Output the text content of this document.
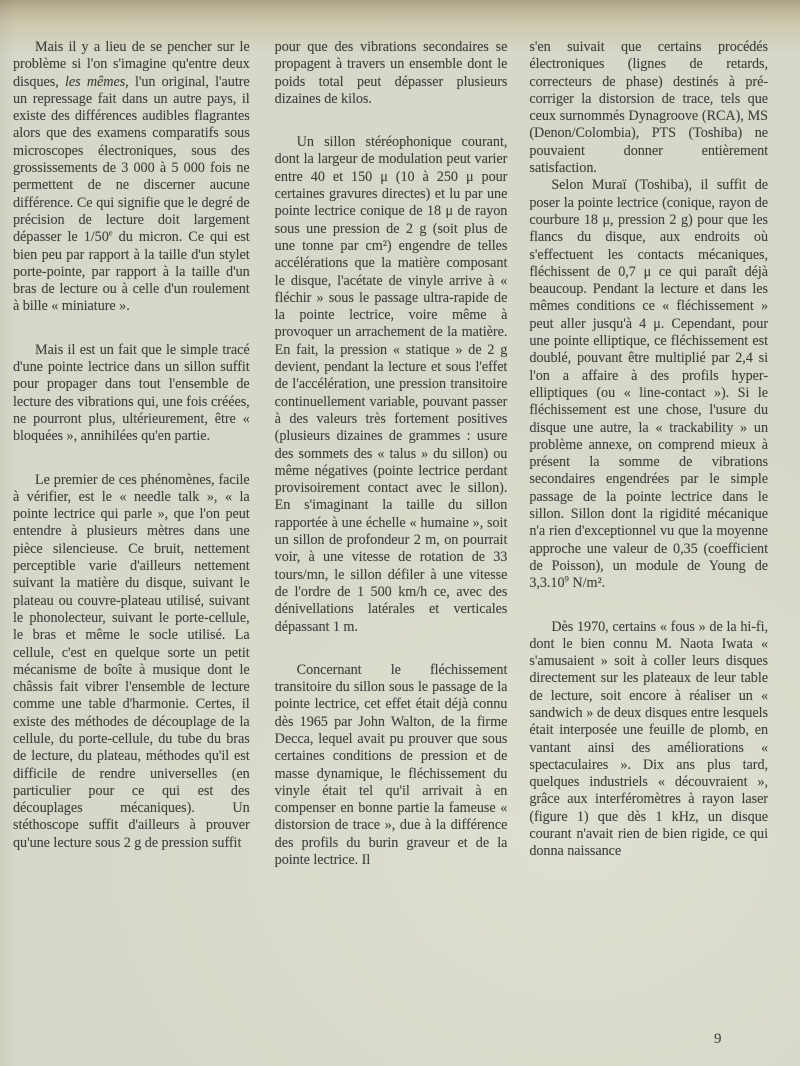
Mais il y a lieu de se pencher sur le problème si l'on s'imagine qu'entre deux disques, les mêmes, l'un original, l'autre un repressage fait dans un autre pays, il existe des différences audibles flagrantes alors que des examens comparatifs sous microscopes électroniques, sous des grossissements de 3 000 à 5 000 fois ne permettent de ne discerner aucune différence. Ce qui signifie que le degré de précision de lecture doit largement dépasser le 1/50e du micron. Ce qui est bien peu par rapport à la taille d'un stylet porte-pointe, par rapport à la taille d'un bras de lecture ou à celle d'un roulement à bille « miniature ».

Mais il est un fait que le simple tracé d'une pointe lectrice dans un sillon suffit pour propager dans tout l'ensemble de lecture des vibrations qui, une fois créées, ne pourront plus, ultérieurement, être « bloquées », annihilées qu'en partie.

Le premier de ces phénomènes, facile à vérifier, est le « needle talk », « la pointe lectrice qui parle », que l'on peut entendre à plusieurs mètres dans une pièce silencieuse. Ce bruit, nettement perceptible varie d'ailleurs nettement suivant la matière du disque, suivant le plateau ou couvre-plateau utilisé, suivant le phonolecteur, suivant le porte-cellule, le bras et même le socle utilisé. La cellule, c'est en quelque sorte un petit mécanisme de boîte à musique dont le châssis fait vibrer l'ensemble de lecture comme une table d'harmonie. Certes, il existe des méthodes de découplage de la cellule, du porte-cellule, du tube du bras de lecture, du plateau, méthodes qu'il est difficile de rendre universelles (en particulier pour ce qui est des découplages mécaniques). Un stéthoscope suffit d'ailleurs à prouver qu'une lecture sous 2 g de pression suffit

pour que des vibrations secondaires se propagent à travers un ensemble dont le poids total peut dépasser plusieurs dizaines de kilos.

Un sillon stéréophonique courant, dont la largeur de modulation peut varier entre 40 et 150 μ (10 à 250 μ pour certaines gravures directes) et lu par une pointe lectrice conique de 18 μ de rayon sous une pression de 2 g (soit plus de une tonne par cm²) engendre de telles accélérations que la matière composant le disque, l'acétate de vinyle arrive à « fléchir » sous le passage ultra-rapide de la pointe lectrice, voire même à provoquer un arrachement de la matière. En fait, la pression « statique » de 2 g devient, pendant la lecture et sous l'effet de l'accélération, une pression transitoire continuellement variable, pouvant passer à des valeurs très fortement positives (plusieurs dizaines de grammes : usure des sommets des « talus » du sillon) ou même négatives (pointe lectrice perdant provisoirement contact avec le sillon). En s'imaginant la taille du sillon rapportée à une échelle « humaine », soit un sillon de profondeur 2 m, on pourrait voir, à une vitesse de rotation de 33 tours/mn, le sillon défiler à une vitesse de l'ordre de 1 500 km/h ce, avec des dénivellations latérales et verticales dépassant 1 m.

Concernant le fléchissement transitoire du sillon sous le passage de la pointe lectrice, cet effet était déjà connu dès 1965 par John Walton, de la firme Decca, lequel avait pu prouver que sous certaines conditions de pression et de masse dynamique, le fléchissement du vinyle était tel qu'il arrivait à en compenser en bonne partie la fameuse « distorsion de trace », due à la différence des profils du burin graveur et de la pointe lectrice. Il

s'en suivait que certains procédés électroniques (lignes de retards, correcteurs de phase) destinés à pré-corriger la distorsion de trace, tels que ceux surnommés Dynagroove (RCA), MS (Denon/Colombia), PTS (Toshiba) ne pouvaient donner entièrement satisfaction.

Selon Muraï (Toshiba), il suffit de poser la pointe lectrice (conique, rayon de courbure 18 μ, pression 2 g) pour que les flancs du disque, aux endroits où s'effectuent les contacts mécaniques, fléchissent de 0,7 μ ce qui paraît déjà beaucoup. Pendant la lecture et dans les mêmes conditions ce « fléchissement » peut aller jusqu'à 4 μ. Cependant, pour une pointe elliptique, ce fléchissement est doublé, pouvant être multiplié par 2,4 si l'on a affaire à des profils hyper-elliptiques (ou « line-contact »). Si le fléchissement est une chose, l'usure du disque une autre, la « trackability » un problème annexe, on comprend mieux à présent la somme de vibrations secondaires engendrées par le simple passage de la pointe lectrice dans le sillon. Sillon dont la rigidité mécanique n'a rien d'exceptionnel vu que la moyenne approche une valeur de 0,35 (coefficient de Poisson), un module de Young de 3,3.10$^9$ N/m².

Dès 1970, certains « fous » de la hi-fi, dont le bien connu M. Naota Iwata « s'amusaient » soit à coller leurs disques directement sur les plateaux de leur table de lecture, soit encore à réaliser un « sandwich » de deux disques entre lesquels était interposée une feuille de plomb, en vantant ainsi des améliorations « spectaculaires ». Dix ans plus tard, quelques industriels « découvraient », grâce aux interféromètres à rayon laser (figure 1) que dès 1 kHz, un disque courant n'avait rien de bien rigide, ce qui donna naissance

9
